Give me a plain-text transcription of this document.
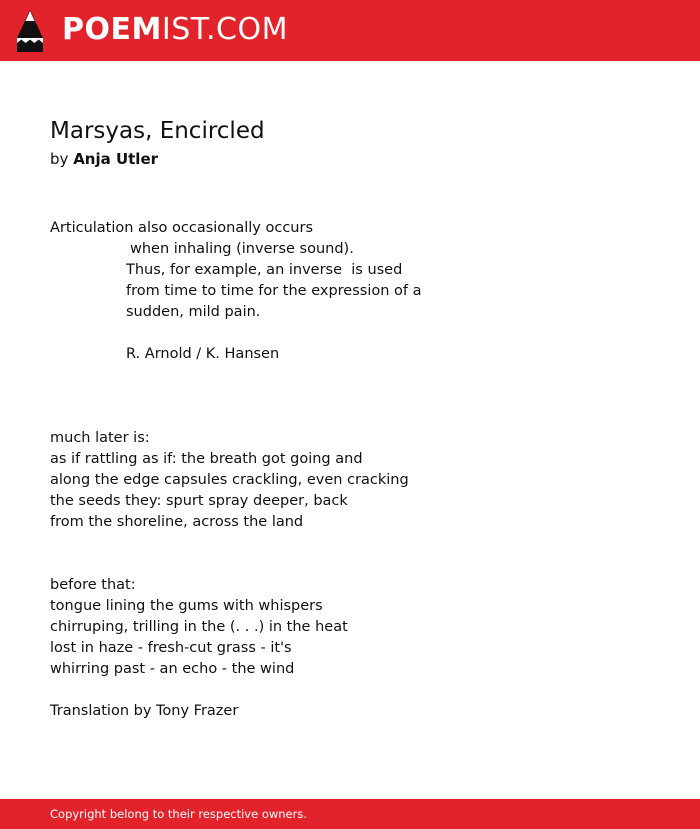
POEMIST.COM
Marsyas, Encircled
by Anja Utler
Articulation also occasionally occurs
when inhaling (inverse sound).
Thus, for example, an inverse  is used
from time to time for the expression of a
sudden, mild pain.
R. Arnold / K. Hansen
much later is:
as if rattling as if: the breath got going and
along the edge capsules crackling, even cracking
the seeds they: spurt spray deeper, back
from the shoreline, across the land
before that:
tongue lining the gums with whispers
chirruping, trilling in the (. . .) in the heat
lost in haze - fresh-cut grass - it's
whirring past - an echo - the wind
Translation by Tony Frazer
Copyright belong to their respective owners.
